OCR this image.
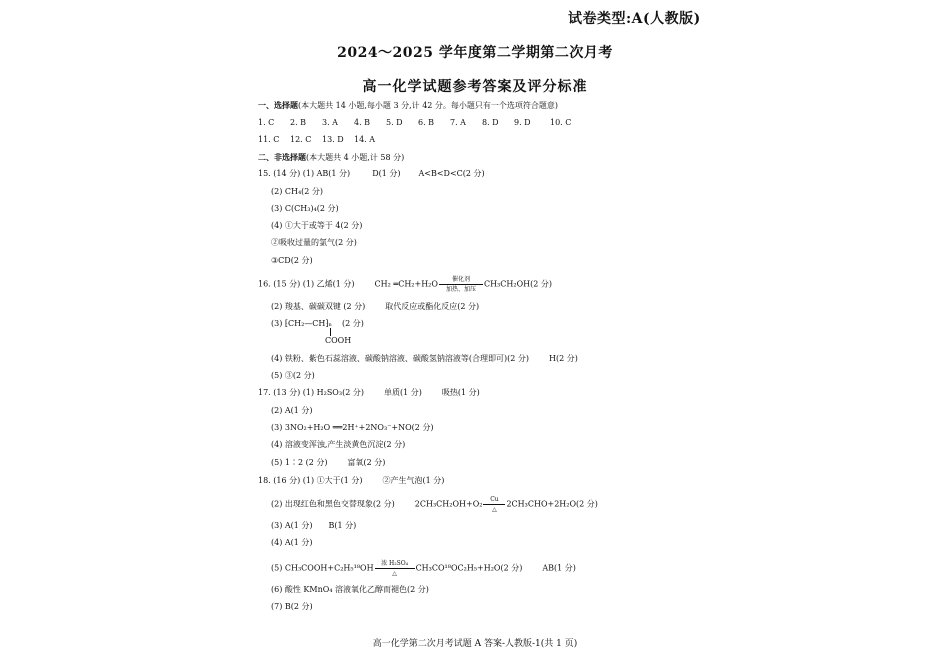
试卷类型:A(人教版)
2024～2025 学年度第二学期第二次月考
高一化学试题参考答案及评分标准
一、选择题(本大题共 14 小题,每小题 3 分,计 42 分。每小题只有一个选项符合题意)
1. C 2. B 3. A 4. B 5. D 6. B 7. A 8. D 9. D 10. C
11. C 12. C 13. D 14. A
二、非选择题(本大题共 4 小题,计 58 分)
15. (14 分) (1) AB(1 分)	D(1 分) A<B<D<C(2 分)
(2) CH₄(2 分)
(3) C(CH₃)₄(2 分)
(4) ①大于或等于 4(2 分)
②吸收过量的氯气(2 分)
③CD(2 分)
16. (15 分) (1) 乙烯(1 分)	CH₂ ═CH₂+H₂O	催化剂
加热、加压
CH₃CH₂OH(2 分)
(2) 羧基、碳碳双键 (2 分)	取代反应或酯化反应(2 分)
(3) ⁅CH₂—CH⁆ₙ (2 分)
COOH
(4) 铁粉、紫色石蕊溶液、碳酸钠溶液、碳酸氢钠溶液等(合理即可)(2 分)	H(2 分)
(5) ③(2 分)
17. (13 分) (1) H₂SO₃(2 分)	单质(1 分)	吸热(1 分)
(2) A(1 分)
(3) 3NO₂+H₂O ══2H⁺+2NO₃⁻+NO(2 分)
(4) 溶液变浑浊,产生淡黄色沉淀(2 分)
(5) 1∶2 (2 分)	富氧(2 分)
18. (16 分) (1) ①大于(1 分)	②产生气泡(1 分)
(2) 出现红色和黑色交替现象(2 分)	2CH₃CH₂OH+O₂	Cu
△
2CH₃CHO+2H₂O(2 分)
(3) A(1 分) B(1 分)
(4) A(1 分)
(5) CH₃COOH+C₂H₅¹⁸OH	浓 H₂SO₄
△
CH₃CO¹⁸OC₂H₅+H₂O(2 分)	AB(1 分)
(6) 酸性 KMnO₄ 溶液氧化乙醇而褪色(2 分)
(7) B(2 分)
高一化学第二次月考试题 A 答案-人教版-1(共 1 页)
